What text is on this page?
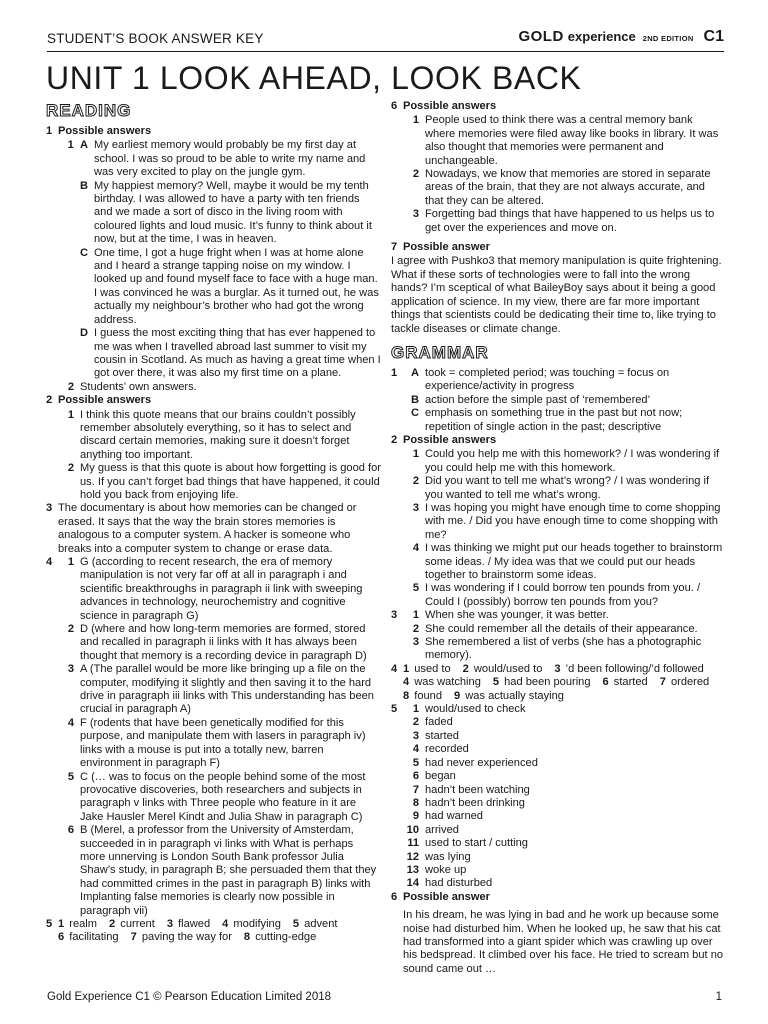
STUDENT’S BOOK ANSWER KEY	GOLD experience 2ND EDITION C1
UNIT 1 LOOK AHEAD, LOOK BACK
READING
1 Possible answers
1  A My earliest memory would probably be my first day at school. I was so proud to be able to write my name and was very excited to play on the jungle gym.
B My happiest memory? Well, maybe it would be my tenth birthday. I was allowed to have a party with ten friends and we made a sort of disco in the living room with coloured lights and loud music. It’s funny to think about it now, but at the time, I was in heaven.
C One time, I got a huge fright when I was at home alone and I heard a strange tapping noise on my window. I looked up and found myself face to face with a huge man. I was convinced he was a burglar. As it turned out, he was actually my neighbour’s brother who had got the wrong address.
D I guess the most exciting thing that has ever happened to me was when I travelled abroad last summer to visit my cousin in Scotland. As much as having a great time when I got over there, it was also my first time on a plane.
2 Students’ own answers.
2 Possible answers
1 I think this quote means that our brains couldn’t possibly remember absolutely everything, so it has to select and discard certain memories, making sure it doesn’t forget anything too important.
2 My guess is that this quote is about how forgetting is good for us. If you can’t forget bad things that have happened, it could hold you back from enjoying life.
3 The documentary is about how memories can be changed or erased. It says that the way the brain stores memories is analogous to a computer system. A hacker is someone who breaks into a computer system to change or erase data.
4	1 G (according to recent research, the era of memory manipulation is not very far off at all in paragraph i and scientific breakthroughs in paragraph ii link with sweeping advances in technology, neurochemistry and cognitive science in paragraph G)
2 D (where and how long-term memories are formed, stored and recalled in paragraph ii links with It has always been thought that memory is a recording device in paragraph D)
3 A (The parallel would be more like bringing up a file on the computer, modifying it slightly and then saving it to the hard drive in paragraph iii links with This understanding has been crucial in paragraph A)
4 F (rodents that have been genetically modified for this purpose, and manipulate them with lasers in paragraph iv) links with a mouse is put into a totally new, barren environment in paragraph F)
5 C (… was to focus on the people behind some of the most provocative discoveries, both researchers and subjects in paragraph v links with Three people who feature in it are Jake Hausler Merel Kindt and Julia Shaw in paragraph C)
6 B (Merel, a professor from the University of Amsterdam, succeeded in in paragraph vi links with What is perhaps more unnerving is London South Bank professor Julia Shaw’s study, in paragraph B; she persuaded them that they had committed crimes in the past in paragraph B) links with Implanting false memories is clearly now possible in paragraph vii)
5 1 realm 2 current 3 flawed 4 modifying 5 advent
6 facilitating 7 paving the way for 8 cutting-edge
6 Possible answers
1 People used to think there was a central memory bank where memories were filed away like books in library. It was also thought that memories were permanent and unchangeable.
2 Nowadays, we know that memories are stored in separate areas of the brain, that they are not always accurate, and that they can be altered.
3 Forgetting bad things that have happened to us helps us to get over the experiences and move on.
7 Possible answer
I agree with Pushko3 that memory manipulation is quite frightening. What if these sorts of technologies were to fall into the wrong hands? I’m sceptical of what BaileyBoy says about it being a good application of science. In my view, there are far more important things that scientists could be dedicating their time to, like trying to tackle diseases or climate change.
GRAMMAR
1	A took = completed period; was touching = focus on experience/activity in progress
B action before the simple past of ‘remembered’
C emphasis on something true in the past but not now; repetition of single action in the past; descriptive
2 Possible answers
1 Could you help me with this homework? / I was wondering if you could help me with this homework.
2 Did you want to tell me what’s wrong? / I was wondering if you wanted to tell me what’s wrong.
3 I was hoping you might have enough time to come shopping with me. / Did you have enough time to come shopping with me?
4 I was thinking we might put our heads together to brainstorm some ideas. / My idea was that we could put our heads together to brainstorm some ideas.
5 I was wondering if I could borrow ten pounds from you. / Could I (possibly) borrow ten pounds from you?
3	1 When she was younger, it was better.
2 She could remember all the details of their appearance.
3 She remembered a list of verbs (she has a photographic memory).
4 1 used to 2 would/used to 3 ’d been following/’d followed
4 was watching 5 had been pouring 6 started 7 ordered
8 found 9 was actually staying
5	1 would/used to check
2 faded
3 started
4 recorded
5 had never experienced
6 began
7 hadn’t been watching
8 hadn’t been drinking
9 had warned
10 arrived
11 used to start / cutting
12 was lying
13 woke up
14 had disturbed
6 Possible answer
In his dream, he was lying in bad and he work up because some noise had disturbed him. When he looked up, he saw that his cat had transformed into a giant spider which was crawling up over his bedspread. It climbed over his face. He tried to scream but no sound came out …
Gold Experience C1 © Pearson Education Limited 2018	1
